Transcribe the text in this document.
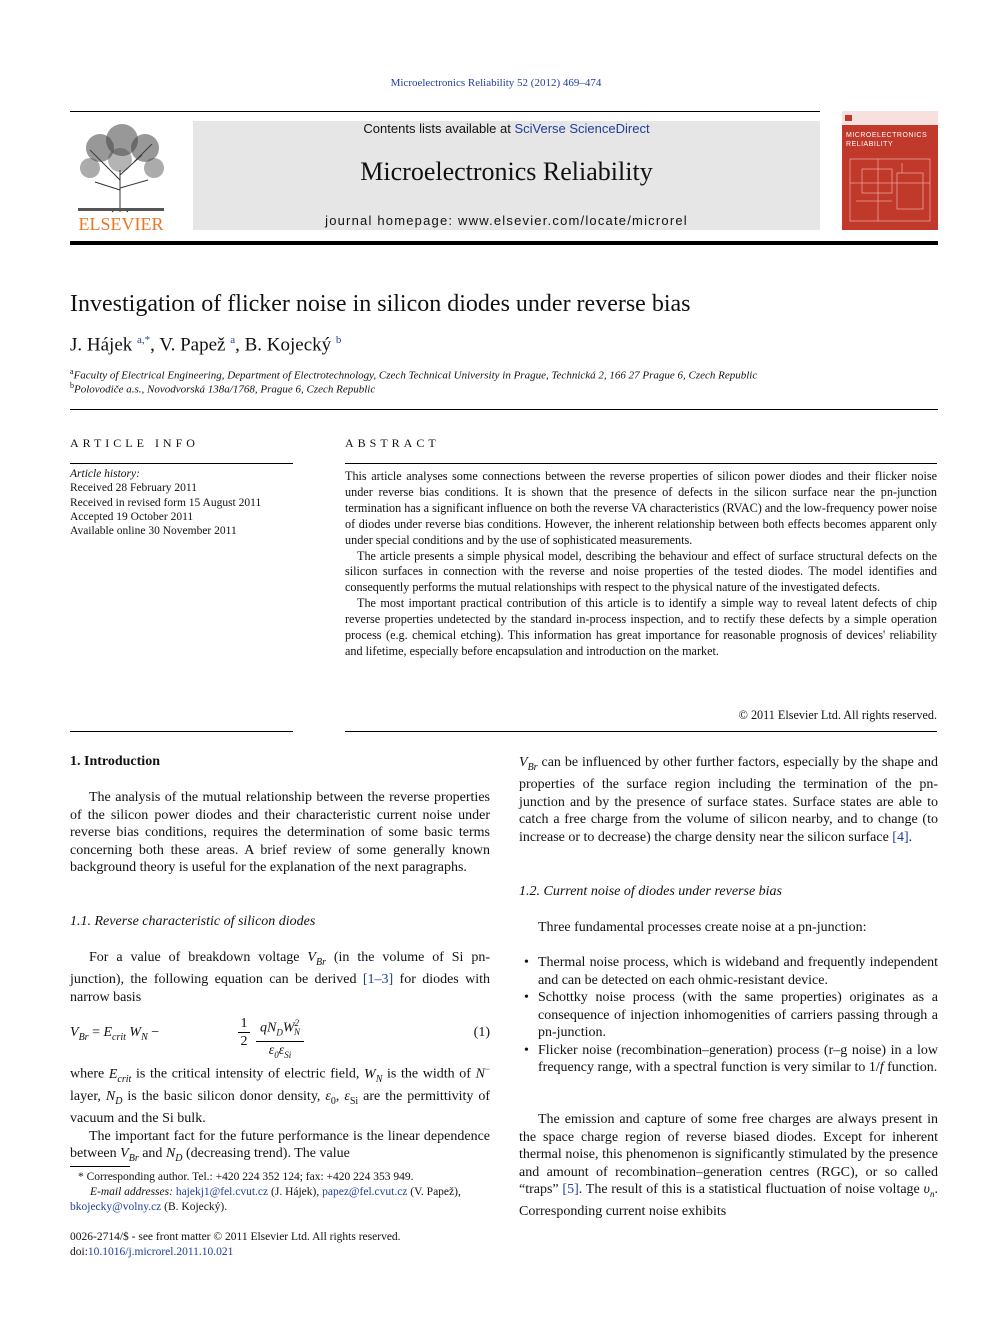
Microelectronics Reliability 52 (2012) 469–474
ELSEVIER
Contents lists available at SciVerse ScienceDirect
Microelectronics Reliability
journal homepage: www.elsevier.com/locate/microrel
MICROELECTRONICS
RELIABILITY
Investigation of flicker noise in silicon diodes under reverse bias
J. Hájek $^{a,*}$, V. Papež $^a$, B. Kojecký $^b$
$^a$Faculty of Electrical Engineering, Department of Electrotechnology, Czech Technical University in Prague, Technická 2, 166 27 Prague 6, Czech Republic
$^b$Polovodiče a.s., Novodvorská 138a/1768, Prague 6, Czech Republic
ARTICLE INFO
Article history:
Received 28 February 2011
Received in revised form 15 August 2011
Accepted 19 October 2011
Available online 30 November 2011
ABSTRACT

This article analyses some connections between the reverse properties of silicon power diodes and their flicker noise under reverse bias conditions. It is shown that the presence of defects in the silicon surface near the pn-junction termination has a significant influence on both the reverse VA characteristics (RVAC) and the low-frequency power noise of diodes under reverse bias conditions. However, the inherent relationship between both effects becomes apparent only under special conditions and by the use of sophisticated measurements.

The article presents a simple physical model, describing the behaviour and effect of surface structural defects on the silicon surfaces in connection with the reverse and noise properties of the tested diodes. The model identifies and consequently performs the mutual relationships with respect to the physical nature of the investigated defects.

The most important practical contribution of this article is to identify a simple way to reveal latent defects of chip reverse properties undetected by the standard in-process inspection, and to rectify these defects by a simple operation process (e.g. chemical etching). This information has great importance for reasonable prognosis of devices' reliability and lifetime, especially before encapsulation and introduction on the market.

© 2011 Elsevier Ltd. All rights reserved.
1. Introduction

The analysis of the mutual relationship between the reverse properties of the silicon power diodes and their characteristic current noise under reverse bias conditions, requires the determination of some basic terms concerning both these areas. A brief review of some generally known background theory is useful for the explanation of the next paragraphs.

1.1. Reverse characteristic of silicon diodes

For a value of breakdown voltage $V_{Br}$ (in the volume of Si pn-junction), the following equation can be derived [1–3] for diodes with narrow basis

$V_{Br} = E_{crit}$ $W_N$ −
1
2
$qN_DW^2_N$
$\varepsilon_0\varepsilon_{Si}$
(1)

where $E_{crit}$ is the critical intensity of electric field, $W_N$ is the width of N− layer, $N_D$ is the basic silicon donor density, $\varepsilon_0$, $\varepsilon_{Si}$ are the permittivity of vacuum and the Si bulk.

The important fact for the future performance is the linear dependence between $V_{Br}$ and $N_D$ (decreasing trend). The value

* Corresponding author. Tel.: +420 224 352 124; fax: +420 224 353 949.
E-mail addresses: hajekj1@fel.cvut.cz (J. Hájek), papez@fel.cvut.cz (V. Papež),
bkojecky@volny.cz (B. Kojecký).
0026-2714/$ - see front matter © 2011 Elsevier Ltd. All rights reserved.
doi:10.1016/j.microrel.2011.10.021

$V_{Br}$ can be influenced by other further factors, especially by the shape and properties of the surface region including the termination of the pn-junction and by the presence of surface states. Surface states are able to catch a free charge from the volume of silicon nearby, and to change (to increase or to decrease) the charge density near the silicon surface [4].

1.2. Current noise of diodes under reverse bias

Three fundamental processes create noise at a pn-junction:

• Thermal noise process, which is wideband and frequently independent and can be detected on each ohmic-resistant device.
• Schottky noise process (with the same properties) originates as a consequence of injection inhomogenities of carriers passing through a pn-junction.
• Flicker noise (recombination–generation) process (r–g noise) in a low frequency range, with a spectral function is very similar to 1/f function.

The emission and capture of some free charges are always present in the space charge region of reverse biased diodes. Except for inherent thermal noise, this phenomenon is significantly stimulated by the presence and amount of recombination–generation centres (RGC), or so called “traps” [5]. The result of this is a statistical fluctuation of noise voltage $\upsilon_n$. Corresponding current noise exhibits
